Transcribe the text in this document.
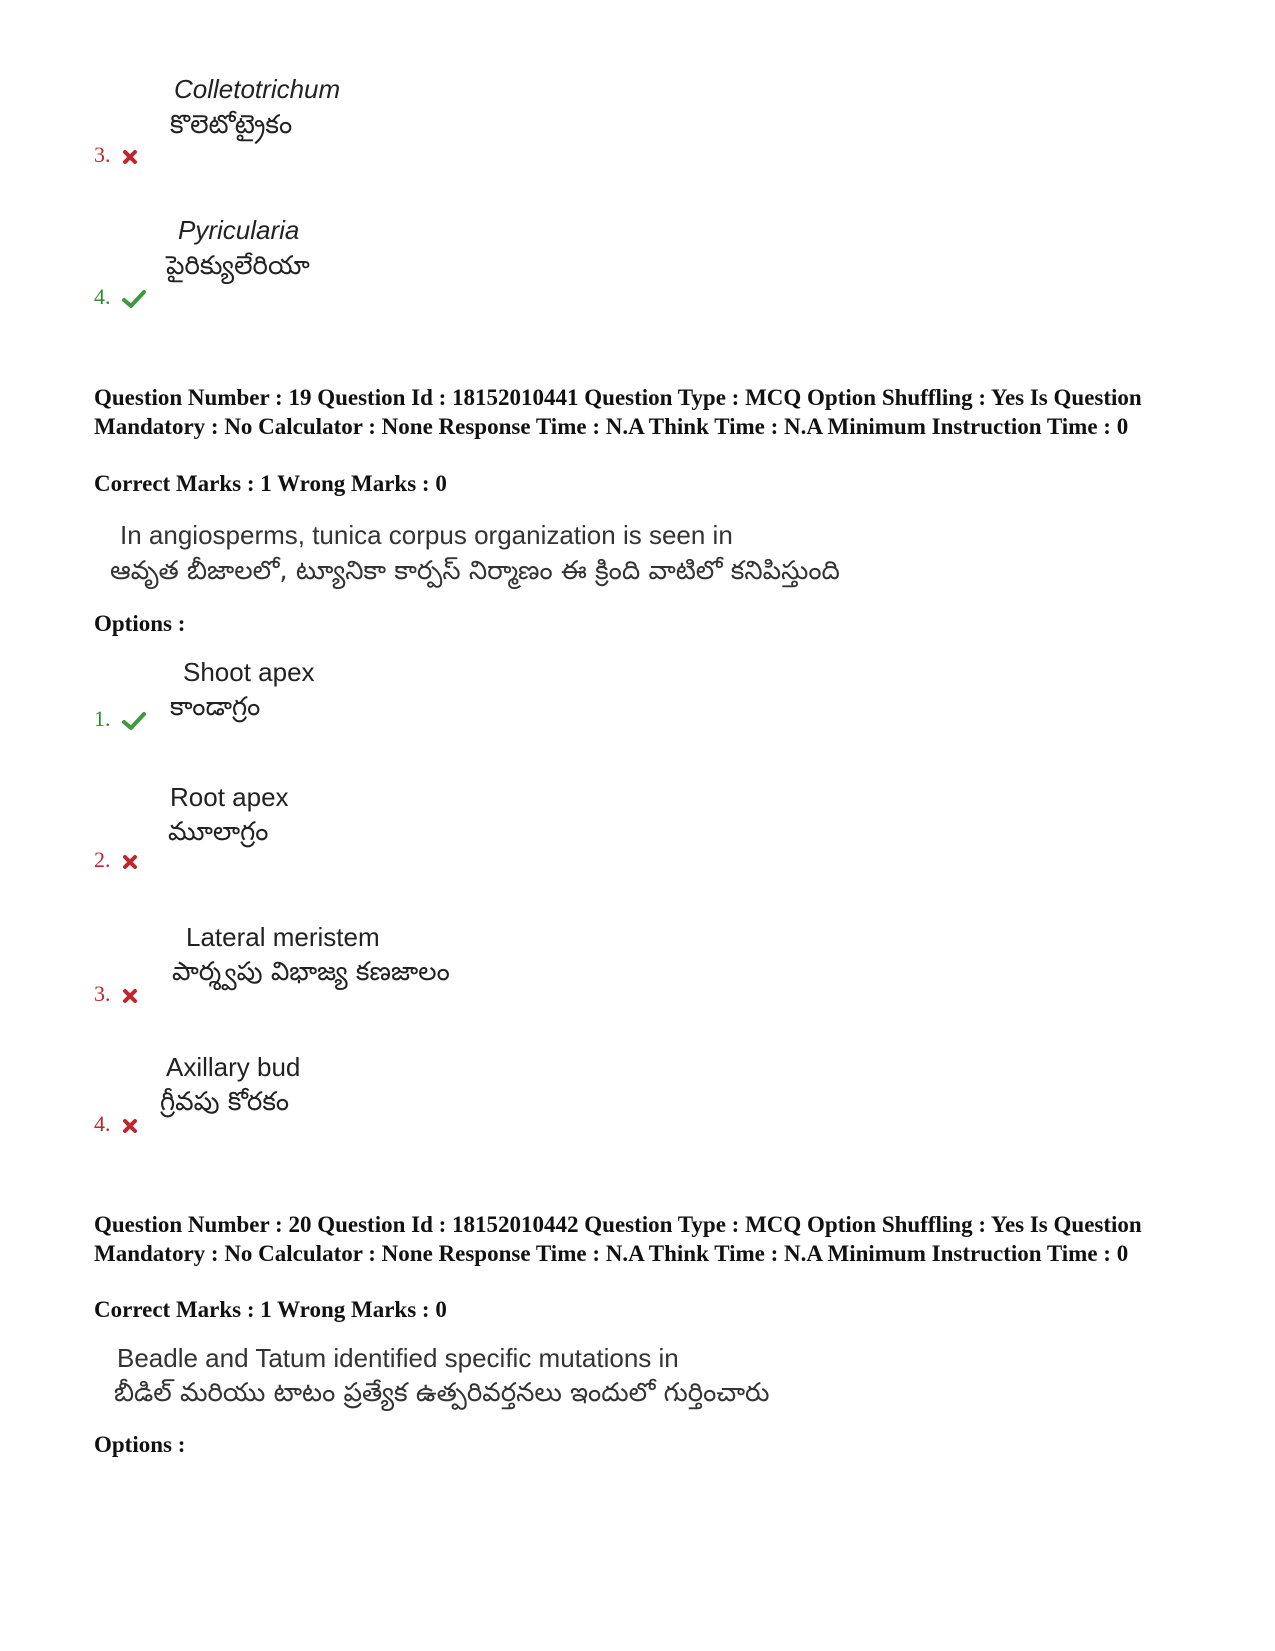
Colletotrichum
కొలెటోట్రైకం
3.
Pyricularia
పైరిక్యులేరియా
4.
Question Number : 19 Question Id : 18152010441 Question Type : MCQ Option Shuffling : Yes Is Question Mandatory : No Calculator : None Response Time : N.A Think Time : N.A Minimum Instruction Time : 0
Correct Marks : 1 Wrong Marks : 0
In angiosperms, tunica corpus organization is seen in
ఆవృత బీజాలలో, ట్యూనికా కార్పస్ నిర్మాణం ఈ క్రింది వాటిలో కనిపిస్తుంది
Options :
Shoot apex
కాండాగ్రం
1.
Root apex
మూలాగ్రం
2.
Lateral meristem
పార్శ్వపు విభాజ్య కణజాలం
3.
Axillary bud
గ్రీవపు కోరకం
4.
Question Number : 20 Question Id : 18152010442 Question Type : MCQ Option Shuffling : Yes Is Question Mandatory : No Calculator : None Response Time : N.A Think Time : N.A Minimum Instruction Time : 0
Correct Marks : 1 Wrong Marks : 0
Beadle and Tatum identified specific mutations in
బీడిల్ మరియు టాటం ప్రత్యేక ఉత్పరివర్తనలు ఇందులో గుర్తించారు
Options :
